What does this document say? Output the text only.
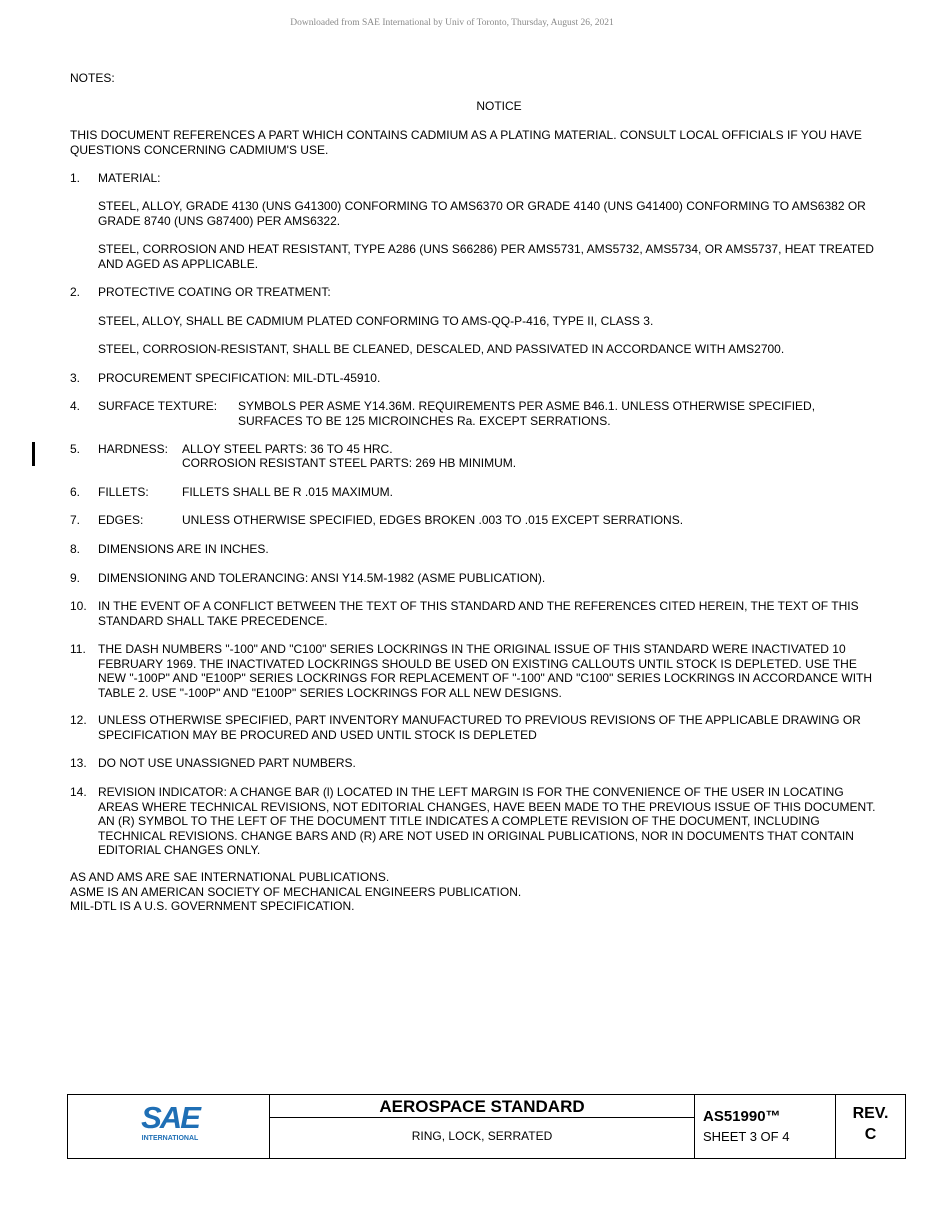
Downloaded from SAE International by Univ of Toronto, Thursday, August 26, 2021
NOTES:
NOTICE
THIS DOCUMENT REFERENCES A PART WHICH CONTAINS CADMIUM AS A PLATING MATERIAL. CONSULT LOCAL OFFICIALS IF YOU HAVE QUESTIONS CONCERNING CADMIUM'S USE.
1.	MATERIAL:
STEEL, ALLOY, GRADE 4130 (UNS G41300) CONFORMING TO AMS6370 OR GRADE 4140 (UNS G41400) CONFORMING TO AMS6382 OR GRADE 8740 (UNS G87400) PER AMS6322.
STEEL, CORROSION AND HEAT RESISTANT, TYPE A286 (UNS S66286) PER AMS5731, AMS5732, AMS5734, OR AMS5737, HEAT TREATED AND AGED AS APPLICABLE.
2.	PROTECTIVE COATING OR TREATMENT:
STEEL, ALLOY, SHALL BE CADMIUM PLATED CONFORMING TO AMS-QQ-P-416, TYPE II, CLASS 3.
STEEL, CORROSION-RESISTANT, SHALL BE CLEANED, DESCALED, AND PASSIVATED IN ACCORDANCE WITH AMS2700.
3.	PROCUREMENT SPECIFICATION: MIL-DTL-45910.
4.	SURFACE TEXTURE: SYMBOLS PER ASME Y14.36M. REQUIREMENTS PER ASME B46.1. UNLESS OTHERWISE SPECIFIED, SURFACES TO BE 125 MICROINCHES Ra. EXCEPT SERRATIONS.
5.	HARDNESS: ALLOY STEEL PARTS: 36 TO 45 HRC.
CORROSION RESISTANT STEEL PARTS: 269 HB MINIMUM.
6.	FILLETS:	FILLETS SHALL BE R .015 MAXIMUM.
7.	EDGES:	UNLESS OTHERWISE SPECIFIED, EDGES BROKEN .003 TO .015 EXCEPT SERRATIONS.
8.	DIMENSIONS ARE IN INCHES.
9.	DIMENSIONING AND TOLERANCING: ANSI Y14.5M-1982 (ASME PUBLICATION).
10. IN THE EVENT OF A CONFLICT BETWEEN THE TEXT OF THIS STANDARD AND THE REFERENCES CITED HEREIN, THE TEXT OF THIS STANDARD SHALL TAKE PRECEDENCE.
11.	THE DASH NUMBERS "-100" AND "C100" SERIES LOCKRINGS IN THE ORIGINAL ISSUE OF THIS STANDARD WERE INACTIVATED 10 FEBRUARY 1969. THE INACTIVATED LOCKRINGS SHOULD BE USED ON EXISTING CALLOUTS UNTIL STOCK IS DEPLETED. USE THE NEW "-100P" AND "E100P" SERIES LOCKRINGS FOR REPLACEMENT OF "-100" AND "C100" SERIES LOCKRINGS IN ACCORDANCE WITH TABLE 2. USE "-100P" AND "E100P" SERIES LOCKRINGS FOR ALL NEW DESIGNS.
12. UNLESS OTHERWISE SPECIFIED, PART INVENTORY MANUFACTURED TO PREVIOUS REVISIONS OF THE APPLICABLE DRAWING OR SPECIFICATION MAY BE PROCURED AND USED UNTIL STOCK IS DEPLETED
13. DO NOT USE UNASSIGNED PART NUMBERS.
14. REVISION INDICATOR: A CHANGE BAR (l) LOCATED IN THE LEFT MARGIN IS FOR THE CONVENIENCE OF THE USER IN LOCATING AREAS WHERE TECHNICAL REVISIONS, NOT EDITORIAL CHANGES, HAVE BEEN MADE TO THE PREVIOUS ISSUE OF THIS DOCUMENT. AN (R) SYMBOL TO THE LEFT OF THE DOCUMENT TITLE INDICATES A COMPLETE REVISION OF THE DOCUMENT, INCLUDING TECHNICAL REVISIONS. CHANGE BARS AND (R) ARE NOT USED IN ORIGINAL PUBLICATIONS, NOR IN DOCUMENTS THAT CONTAIN EDITORIAL CHANGES ONLY.
AS AND AMS ARE SAE INTERNATIONAL PUBLICATIONS.
ASME IS AN AMERICAN SOCIETY OF MECHANICAL ENGINEERS PUBLICATION.
MIL-DTL IS A U.S. GOVERNMENT SPECIFICATION.
SAE
INTERNATIONAL
AEROSPACE STANDARD
RING, LOCK, SERRATED
AS51990™
SHEET 3 OF 4
REV.
C
